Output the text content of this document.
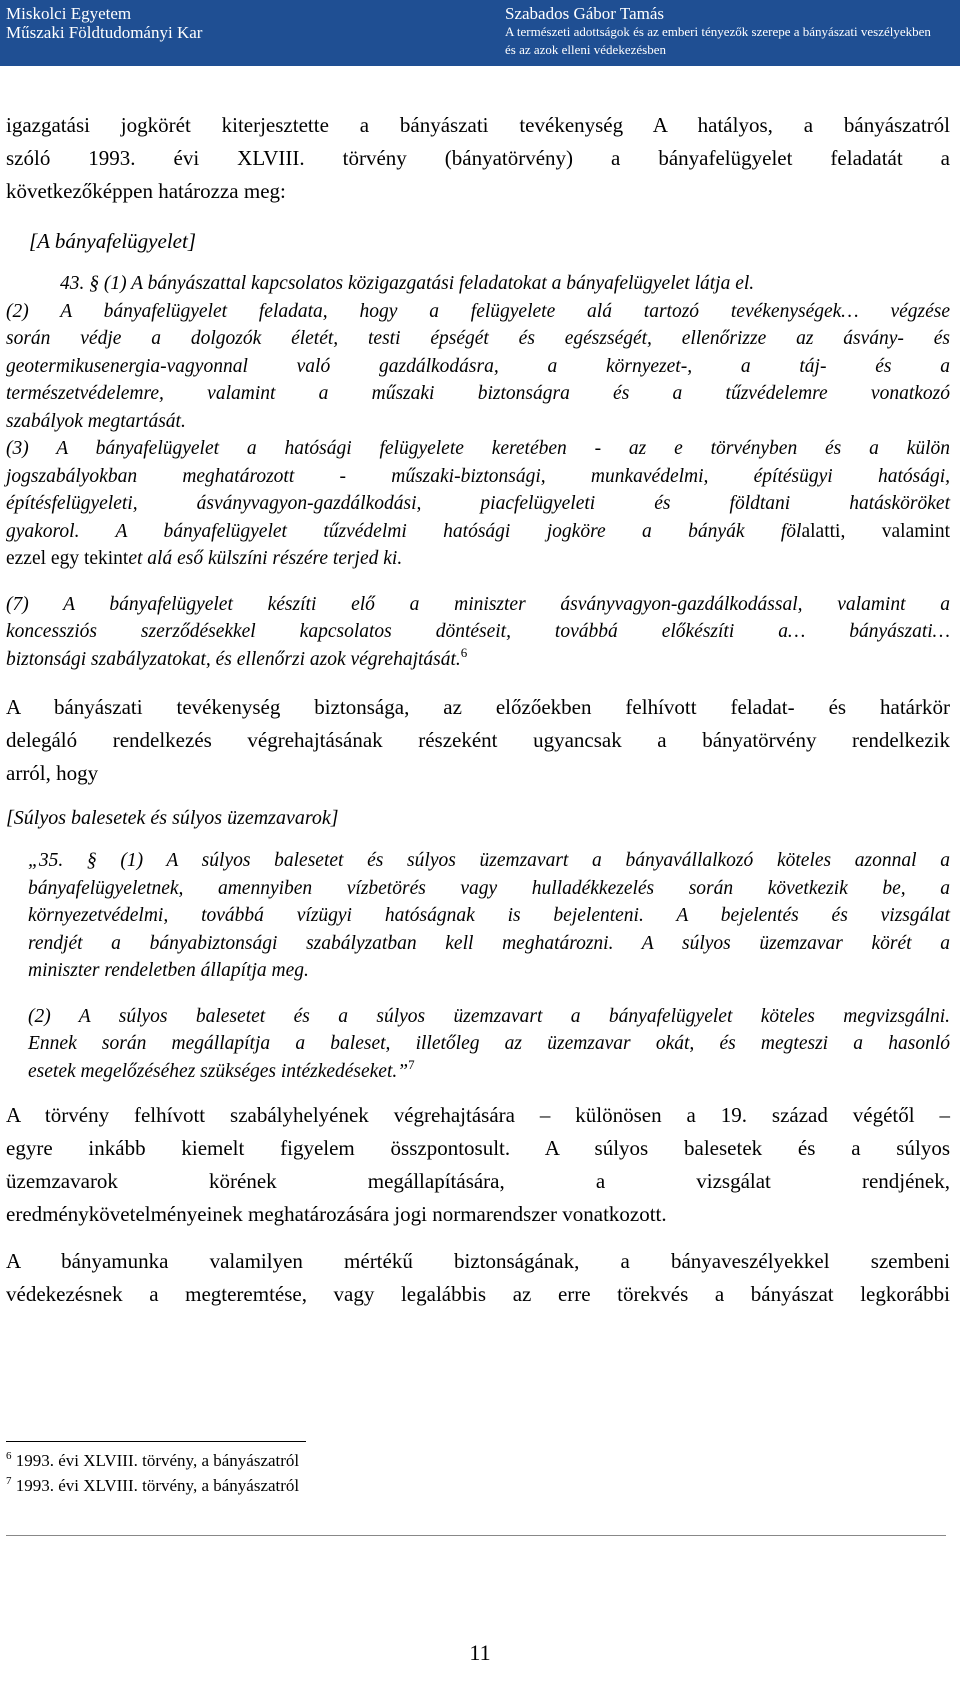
Miskolci Egyetem
Műszaki Földtudományi Kar
Szabados Gábor Tamás
A természeti adottságok és az emberi tényezők szerepe a bányászati veszélyekben
és az azok elleni védekezésben

igazgatási jogkörét kiterjesztette a bányászati tevékenység A hatályos, a bányászatról

szóló 1993. évi XLVIII. törvény (bányatörvény) a bányafelügyelet feladatát a

következőképpen határozza meg:

[A bányafelügyelet]

43. § (1) A bányászattal kapcsolatos közigazgatási feladatokat a bányafelügyelet látja el.

(2) A bányafelügyelet feladata, hogy a felügyelete alá tartozó tevékenységek… végzése

során védje a dolgozók életét, testi épségét és egészségét, ellenőrizze az ásvány- és

geotermikusenergia-vagyonnal való gazdálkodásra, a környezet-, a táj- és a

természetvédelemre, valamint a műszaki biztonságra és a tűzvédelemre vonatkozó

szabályok megtartását.

(3) A bányafelügyelet a hatósági felügyelete keretében - az e törvényben és a külön

jogszabályokban meghatározott - műszaki-biztonsági, munkavédelmi, építésügyi hatósági,

építésfelügyeleti, ásványvagyon-gazdálkodási, piacfelügyeleti és földtani hatásköröket

gyakorol. A bányafelügyelet tűzvédelmi hatósági jogköre a bányák fölalatti, valamint

ezzel egy tekintet alá eső külszíni részére terjed ki.

(7) A bányafelügyelet készíti elő a miniszter ásványvagyon-gazdálkodással, valamint a

koncessziós szerződésekkel kapcsolatos döntéseit, továbbá előkészíti a… bányászati…

biztonsági szabályzatokat, és ellenőrzi azok végrehajtását.$^6$

A bányászati tevékenység biztonsága, az előzőekben felhívott feladat- és határkör

delegáló rendelkezés végrehajtásának részeként ugyancsak a bányatörvény rendelkezik

arról, hogy

[Súlyos balesetek és súlyos üzemzavarok]

„35. § (1) A súlyos balesetet és súlyos üzemzavart a bányavállalkozó köteles azonnal a

bányafelügyeletnek, amennyiben vízbetörés vagy hulladékkezelés során következik be, a

környezetvédelmi, továbbá vízügyi hatóságnak is bejelenteni. A bejelentés és vizsgálat

rendjét a bányabiztonsági szabályzatban kell meghatározni. A súlyos üzemzavar körét a

miniszter rendeletben állapítja meg.

(2) A súlyos balesetet és a súlyos üzemzavart a bányafelügyelet köteles megvizsgálni.

Ennek során megállapítja a baleset, illetőleg az üzemzavar okát, és megteszi a hasonló

esetek megelőzéséhez szükséges intézkedéseket.”$^7$

A törvény felhívott szabályhelyének végrehajtására – különösen a 19. század végétől –

egyre inkább kiemelt figyelem összpontosult. A súlyos balesetek és a súlyos

üzemzavarok körének megállapítására, a vizsgálat rendjének,

eredménykövetelményeinek meghatározására jogi normarendszer vonatkozott.

A bányamunka valamilyen mértékű biztonságának, a bányaveszélyekkel szembeni

védekezésnek a megteremtése, vagy legalábbis az erre törekvés a bányászat legkorábbi

$^6$ 1993. évi XLVIII. törvény, a bányászatról
$^7$ 1993. évi XLVIII. törvény, a bányászatról
11
